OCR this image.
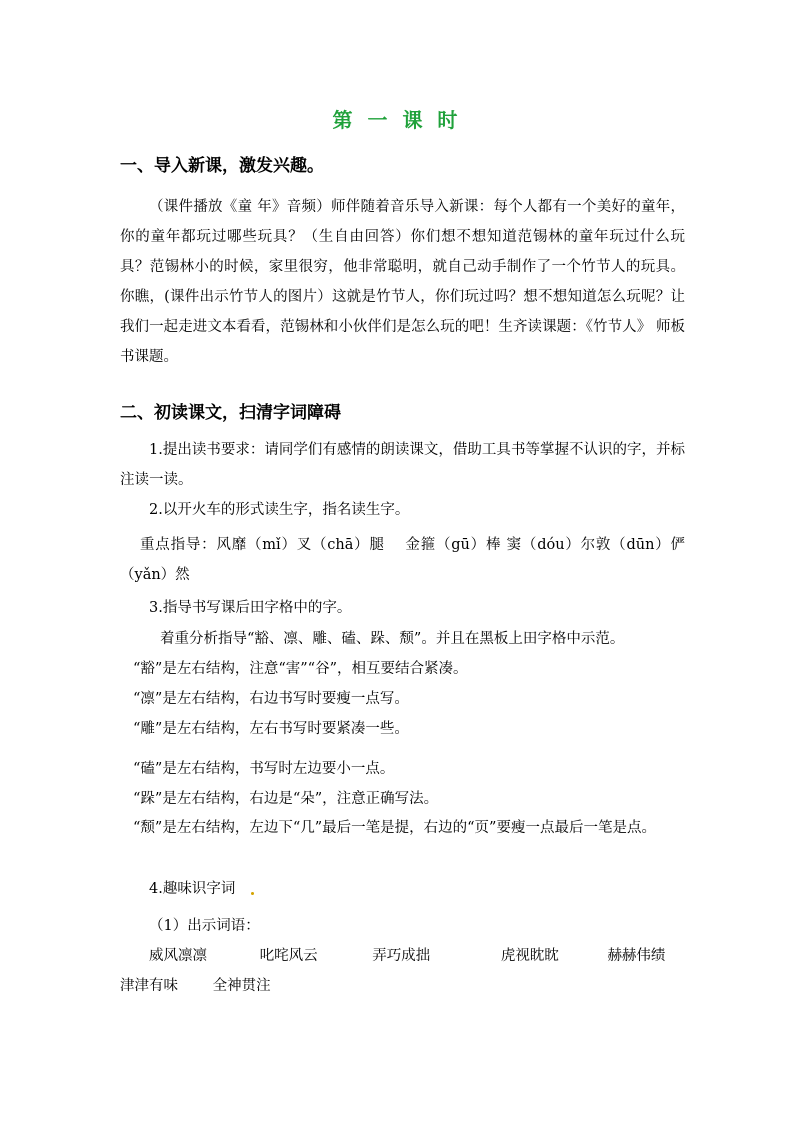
第 一 课 时
一、导入新课，激发兴趣。
（课件播放《童 年》音频）师伴随着音乐导入新课：每个人都有一个美好的童年，你的童年都玩过哪些玩具？（生自由回答）你们想不想知道范锡林的童年玩过什么玩具？范锡林小的时候，家里很穷，他非常聪明，就自己动手制作了一个竹节人的玩具。你瞧，(课件出示竹节人的图片）这就是竹节人，你们玩过吗？想不想知道怎么玩呢？让我们一起走进文本看看，范锡林和小伙伴们是怎么玩的吧！生齐读课题：《竹节人》 师板书课题。
二、初读课文，扫清字词障碍
1.提出读书要求：请同学们有感情的朗读课文，借助工具书等掌握不认识的字，并标注读一读。
2.以开火车的形式读生字，指名读生字。
重点指导：风靡（mǐ）叉（chā）腿　 金箍（gū）棒 窦（dóu）尔敦（dūn）俨（yǎn）然
3.指导书写课后田字格中的字。
着重分析指导“豁、凛、雕、磕、跺、颓”。并且在黑板上田字格中示范。
“豁”是左右结构，注意“害”“谷”，相互要结合紧凑。
“凛”是左右结构，右边书写时要瘦一点写。
“雕”是左右结构，左右书写时要紧凑一些。
“磕”是左右结构，书写时左边要小一点。
“跺”是左右结构，右边是“朵”，注意正确写法。
“颓”是左右结构，左边下“几”最后一笔是提，右边的“页”要瘦一点最后一笔是点。
4.趣味识字词
（1）出示词语：
威风凛凛	叱咤风云	弄巧成拙	虎视眈眈	赫赫伟绩
津津有味 全神贯注
